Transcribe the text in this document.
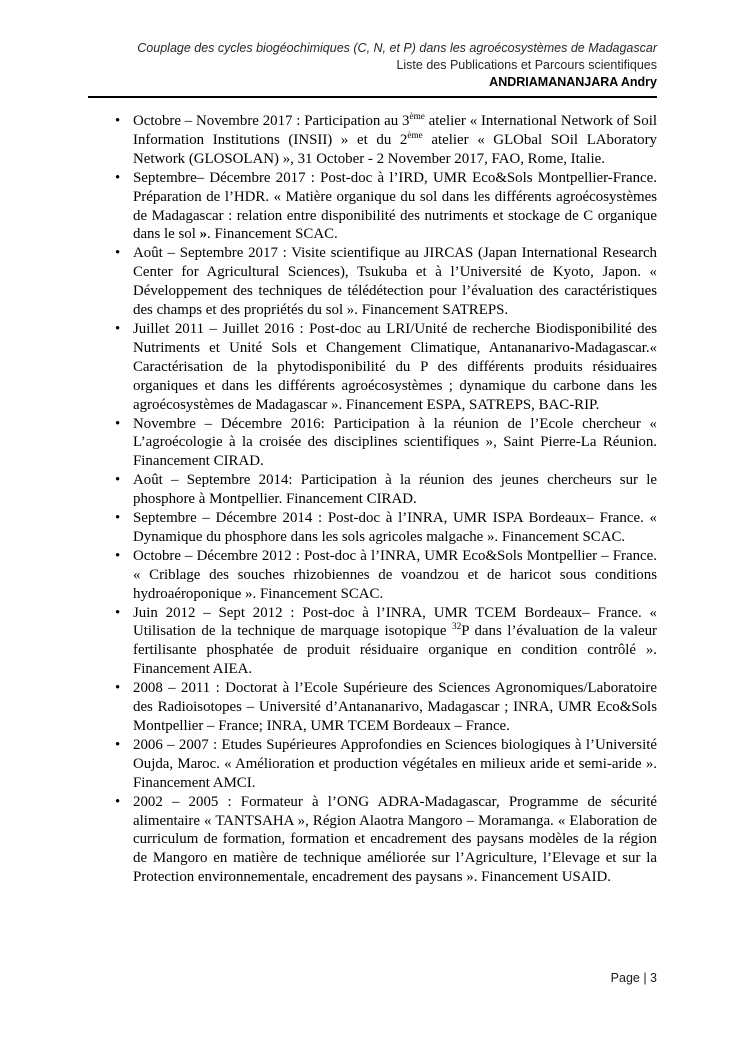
Couplage des cycles biogéochimiques (C, N, et P) dans les agroécosystèmes de Madagascar
Liste des Publications et Parcours scientifiques
ANDRIAMANANJARA Andry
• Octobre – Novembre 2017 : Participation au 3ème atelier « International Network of Soil Information Institutions (INSII) » et du 2ème atelier « GLObal SOil LAboratory Network (GLOSOLAN) », 31 October - 2 November 2017, FAO, Rome, Italie.
• Septembre– Décembre 2017 : Post-doc à l’IRD, UMR Eco&Sols Montpellier-France. Préparation de l’HDR. « Matière organique du sol dans les différents agroécosystèmes de Madagascar : relation entre disponibilité des nutriments et stockage de C organique dans le sol ». Financement SCAC.
• Août – Septembre 2017 : Visite scientifique au JIRCAS (Japan International Research Center for Agricultural Sciences), Tsukuba et à l’Université de Kyoto, Japon. « Développement des techniques de télédétection pour l’évaluation des caractéristiques des champs et des propriétés du sol ». Financement SATREPS.
• Juillet 2011 – Juillet 2016 : Post-doc au LRI/Unité de recherche Biodisponibilité des Nutriments et Unité Sols et Changement Climatique, Antananarivo-Madagascar.« Caractérisation de la phytodisponibilité du P des différents produits résiduaires organiques et dans les différents agroécosystèmes ; dynamique du carbone dans les agroécosystèmes de Madagascar ». Financement ESPA, SATREPS, BAC-RIP.
• Novembre – Décembre 2016: Participation à la réunion de l’Ecole chercheur « L’agroécologie à la croisée des disciplines scientifiques », Saint Pierre-La Réunion. Financement CIRAD.
• Août – Septembre 2014: Participation à la réunion des jeunes chercheurs sur le phosphore à Montpellier. Financement CIRAD.
• Septembre – Décembre 2014 : Post-doc à l’INRA, UMR ISPA Bordeaux– France. « Dynamique du phosphore dans les sols agricoles malgache ». Financement SCAC.
• Octobre – Décembre 2012 : Post-doc à l’INRA, UMR Eco&Sols Montpellier – France. « Criblage des souches rhizobiennes de voandzou et de haricot sous conditions hydroaéroponique ». Financement SCAC.
• Juin 2012 – Sept 2012 : Post-doc à l’INRA, UMR TCEM Bordeaux– France. « Utilisation de la technique de marquage isotopique $^{32}$P dans l’évaluation de la valeur fertilisante phosphatée de produit résiduaire organique en condition contrôlé ». Financement AIEA.
• 2008 – 2011 : Doctorat à l’Ecole Supérieure des Sciences Agronomiques/Laboratoire des Radioisotopes – Université d’Antananarivo, Madagascar ; INRA, UMR Eco&Sols Montpellier – France; INRA, UMR TCEM Bordeaux – France.
• 2006 – 2007 : Etudes Supérieures Approfondies en Sciences biologiques à l’Université Oujda, Maroc. « Amélioration et production végétales en milieux aride et semi-aride ». Financement AMCI.
• 2002 – 2005 : Formateur à l’ONG ADRA-Madagascar, Programme de sécurité alimentaire « TANTSAHA », Région Alaotra Mangoro – Moramanga. « Elaboration de curriculum de formation, formation et encadrement des paysans modèles de la région de Mangoro en matière de technique améliorée sur l’Agriculture, l’Elevage et sur la Protection environnementale, encadrement des paysans ». Financement USAID.
Page | 3
